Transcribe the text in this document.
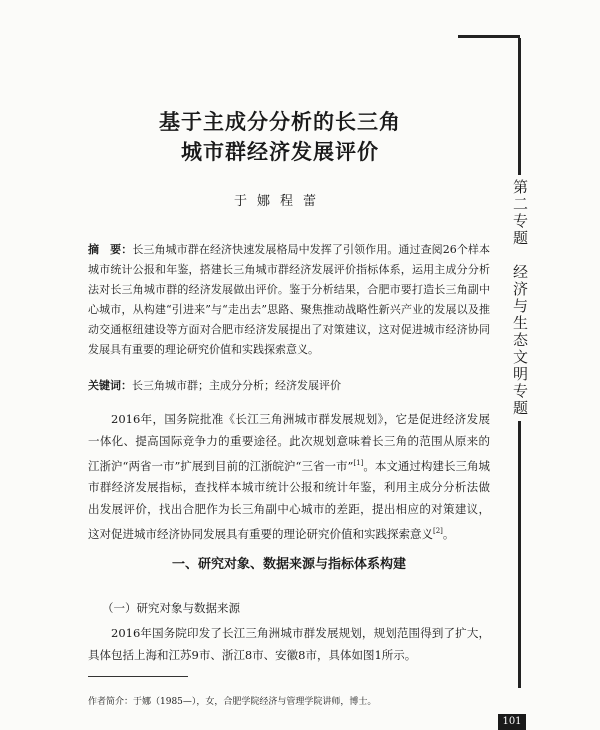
第二专题　经济与生态文明专题
基于主成分分析的长三角
城市群经济发展评价
于娜程蕾
摘　要：长三角城市群在经济快速发展格局中发挥了引领作用。通过查阅26个样本城市统计公报和年鉴，搭建长三角城市群经济发展评价指标体系，运用主成分分析法对长三角城市群的经济发展做出评价。鉴于分析结果，合肥市要打造长三角副中心城市，从构建“引进来”与“走出去”思路、聚焦推动战略性新兴产业的发展以及推动交通枢纽建设等方面对合肥市经济发展提出了对策建议，这对促进城市经济协同发展具有重要的理论研究价值和实践探索意义。
关键词：长三角城市群；主成分分析；经济发展评价
2016年，国务院批准《长江三角洲城市群发展规划》，它是促进经济发展一体化、提高国际竞争力的重要途径。此次规划意味着长三角的范围从原来的江浙沪“两省一市”扩展到目前的江浙皖沪“三省一市”[1]。本文通过构建长三角城市群经济发展指标，查找样本城市统计公报和统计年鉴，利用主成分分析法做出发展评价，找出合肥作为长三角副中心城市的差距，提出相应的对策建议，这对促进城市经济协同发展具有重要的理论研究价值和实践探索意义[2]。
一、研究对象、数据来源与指标体系构建
（一）研究对象与数据来源
2016年国务院印发了长江三角洲城市群发展规划，规划范围得到了扩大，具体包括上海和江苏9市、浙江8市、安徽8市，具体如图1所示。
作者简介：于娜（1985—），女，合肥学院经济与管理学院讲师，博士。
101
